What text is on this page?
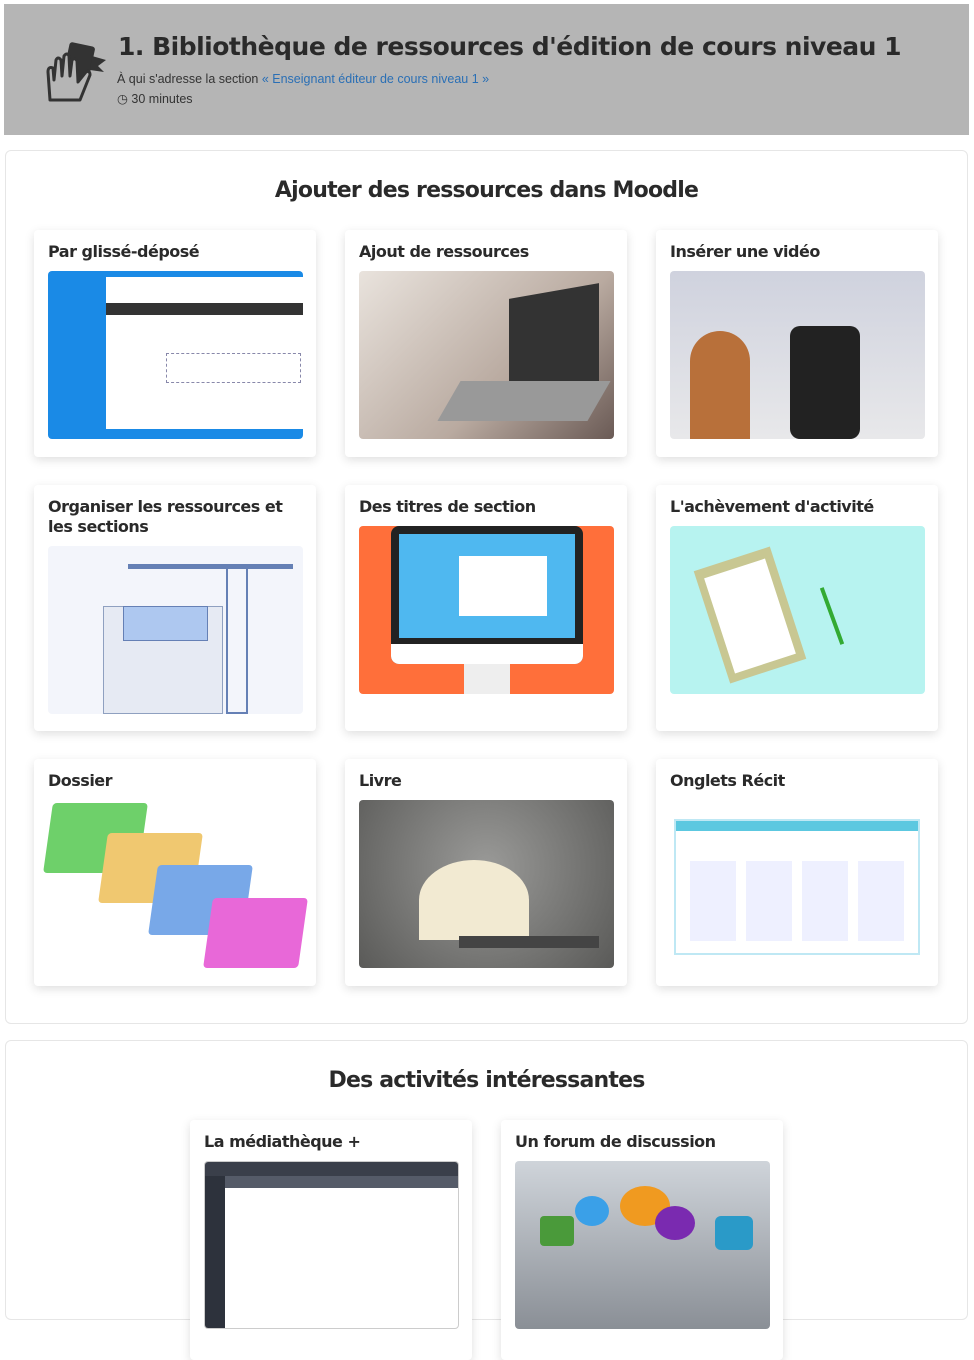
1. Bibliothèque de ressources d'édition de cours niveau 1
À qui s'adresse la section « Enseignant éditeur de cours niveau 1 »
◷ 30 minutes
Ajouter des ressources dans Moodle
Par glissé-déposé	Ajout de ressources	Insérer une vidéo
Organiser les ressources et les sections
Des titres de section	L'achèvement d'activité
Dossier	Livre	Onglets Récit
Des activités intéressantes
La médiathèque +	Un forum de discussion
